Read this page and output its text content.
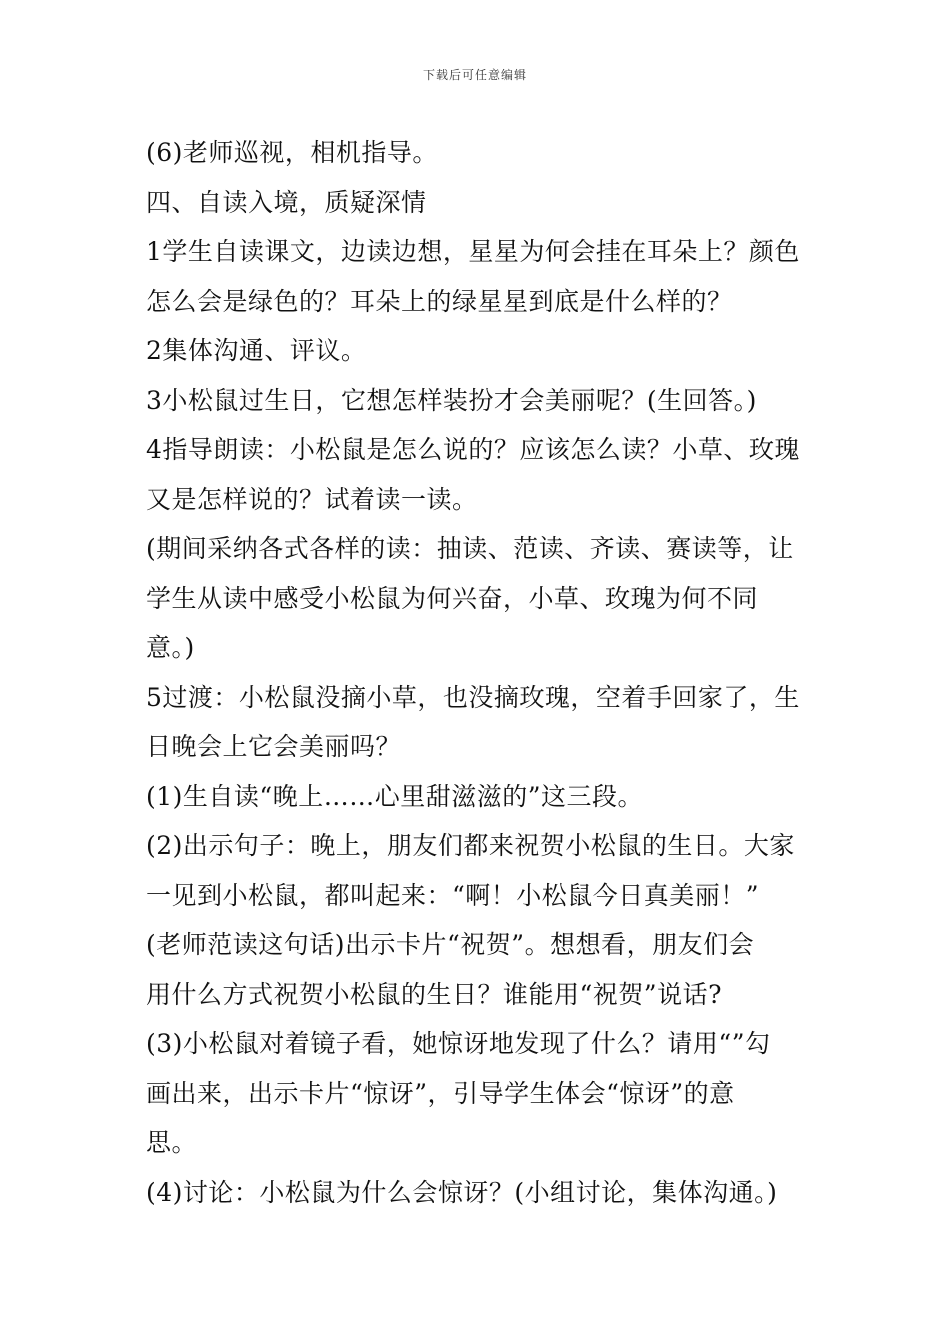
下载后可任意编辑
(6)老师巡视，相机指导。
四、自读入境，质疑深情
1学生自读课文，边读边想，星星为何会挂在耳朵上？颜色
怎么会是绿色的？耳朵上的绿星星到底是什么样的？
2集体沟通、评议。
3小松鼠过生日，它想怎样装扮才会美丽呢？(生回答。)
4指导朗读：小松鼠是怎么说的？应该怎么读？小草、玫瑰
又是怎样说的？试着读一读。
(期间采纳各式各样的读：抽读、范读、齐读、赛读等，让
学生从读中感受小松鼠为何兴奋，小草、玫瑰为何不同
意。)
5过渡：小松鼠没摘小草，也没摘玫瑰，空着手回家了，生
日晚会上它会美丽吗？
(1)生自读“晚上……心里甜滋滋的”这三段。
(2)出示句子：晚上，朋友们都来祝贺小松鼠的生日。大家
一见到小松鼠，都叫起来：“啊！小松鼠今日真美丽！”
(老师范读这句话)出示卡片“祝贺”。想想看，朋友们会
用什么方式祝贺小松鼠的生日？谁能用“祝贺”说话?
(3)小松鼠对着镜子看，她惊讶地发现了什么？请用“”勾
画出来，出示卡片“惊讶”，引导学生体会“惊讶”的意
思。
(4)讨论：小松鼠为什么会惊讶？(小组讨论，集体沟通。)
